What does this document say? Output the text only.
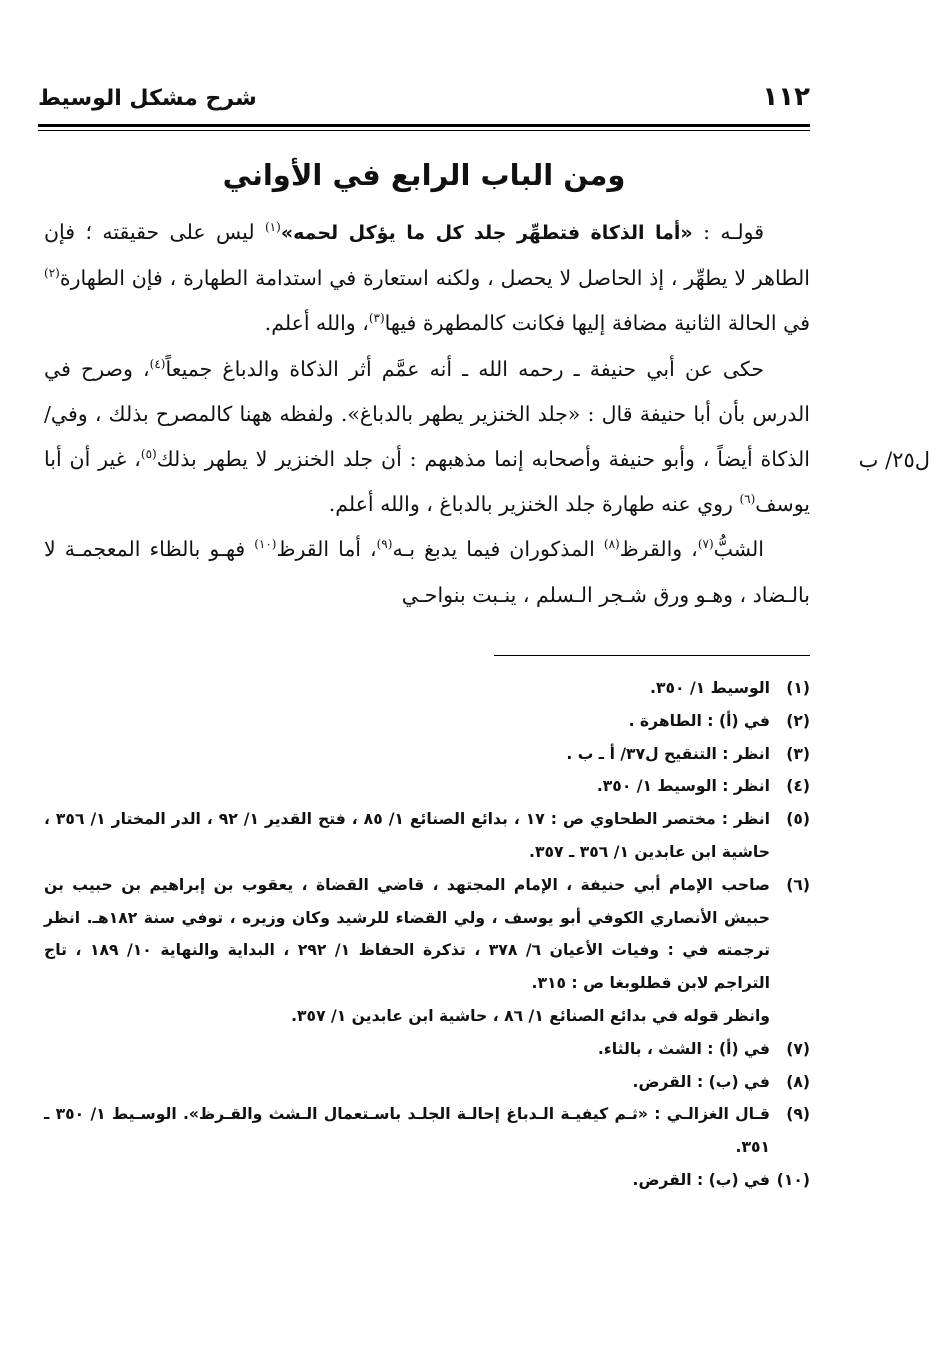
شرح مشكل الوسيط	١١٢
ومن الباب الرابع في الأواني

قولـه : «أما الذكاة فتطهِّر جلد كل ما يؤكل لحمه»$^{(١)}$ ليس على حقيقته ؛ فإن الطاهر لا يطهِّر ، إذ الحاصل لا يحصل ، ولكنه استعارة في استدامة الطهارة ، فإن الطهارة$^{(٢)}$ في الحالة الثانية مضافة إليها فكانت كالمطهرة فيها$^{(٣)}$، والله أعلم.

حكى عن أبي حنيفة ـ رحمه الله ـ أنه عمَّم أثر الذكاة والدباغ جميعاً$^{(٤)}$، وصرح في الدرس بأن أبا حنيفة قال : «جلد الخنزير يطهر بالدباغ». ولفظه ههنا كالمصرح بذلك ، وفي/ الذكاة أيضاً ، وأبو حنيفة وأصحابه إنما مذهبهم : أن جلد الخنزير لا يطهر بذلك$^{(٥)}$، غير أن أبا يوسف$^{(٦)}$ روي عنه طهارة جلد الخنزير بالدباغ ، والله أعلم.

الشبُّ$^{(٧)}$، والقرظ$^{(٨)}$ المذكوران فيما يدبغ بـه$^{(٩)}$، أما القرظ$^{(١٠)}$ فهـو بالظاء المعجمـة لا بالـضاد ، وهـو ورق شـجر الـسلم ، ينـبت بنواحـي

ل٢٥/ ب

(١)
الوسيط ١/ ٣٥٠.

(٢)
في (أ) : الطاهرة .

(٣)
انظر : التنقيح ل٣٧/ أ ـ ب .

(٤)
انظر : الوسيط ١/ ٣٥٠.

(٥)
انظر : مختصر الطحاوي ص : ١٧ ، بدائع الصنائع ١/ ٨٥ ، فتح القدير ١/ ٩٢ ، الدر المختار ١/ ٣٥٦ ، حاشية ابن عابدين ١/ ٣٥٦ ـ ٣٥٧.

(٦)
صاحب الإمام أبي حنيفة ، الإمام المجتهد ، قاضي القضاة ، يعقوب بن إبراهيم بن حبيب بن حبيش الأنصاري الكوفي أبو يوسف ، ولي القضاء للرشيد وكان وزيره ، توفي سنة ١٨٢هـ. انظر ترجمته في : وفيات الأعيان ٦/ ٣٧٨ ، تذكرة الحفاظ ١/ ٢٩٢ ، البداية والنهاية ١٠/ ١٨٩ ، تاج التراجم لابن قطلوبغا ص : ٣١٥.

وانظر قوله في بدائع الصنائع ١/ ٨٦ ، حاشية ابن عابدين ١/ ٣٥٧.

(٧)
في (أ) : الشث ، بالثاء.

(٨)
في (ب) : القرض.

(٩)
قـال الغزالـي : «ثـم كيفيـة الـدباغ إحالـة الجلـد باسـتعمال الـشث والقـرظ». الوسـيط ١/ ٣٥٠ ـ ٣٥١.

(١٠)
في (ب) : القرض.
